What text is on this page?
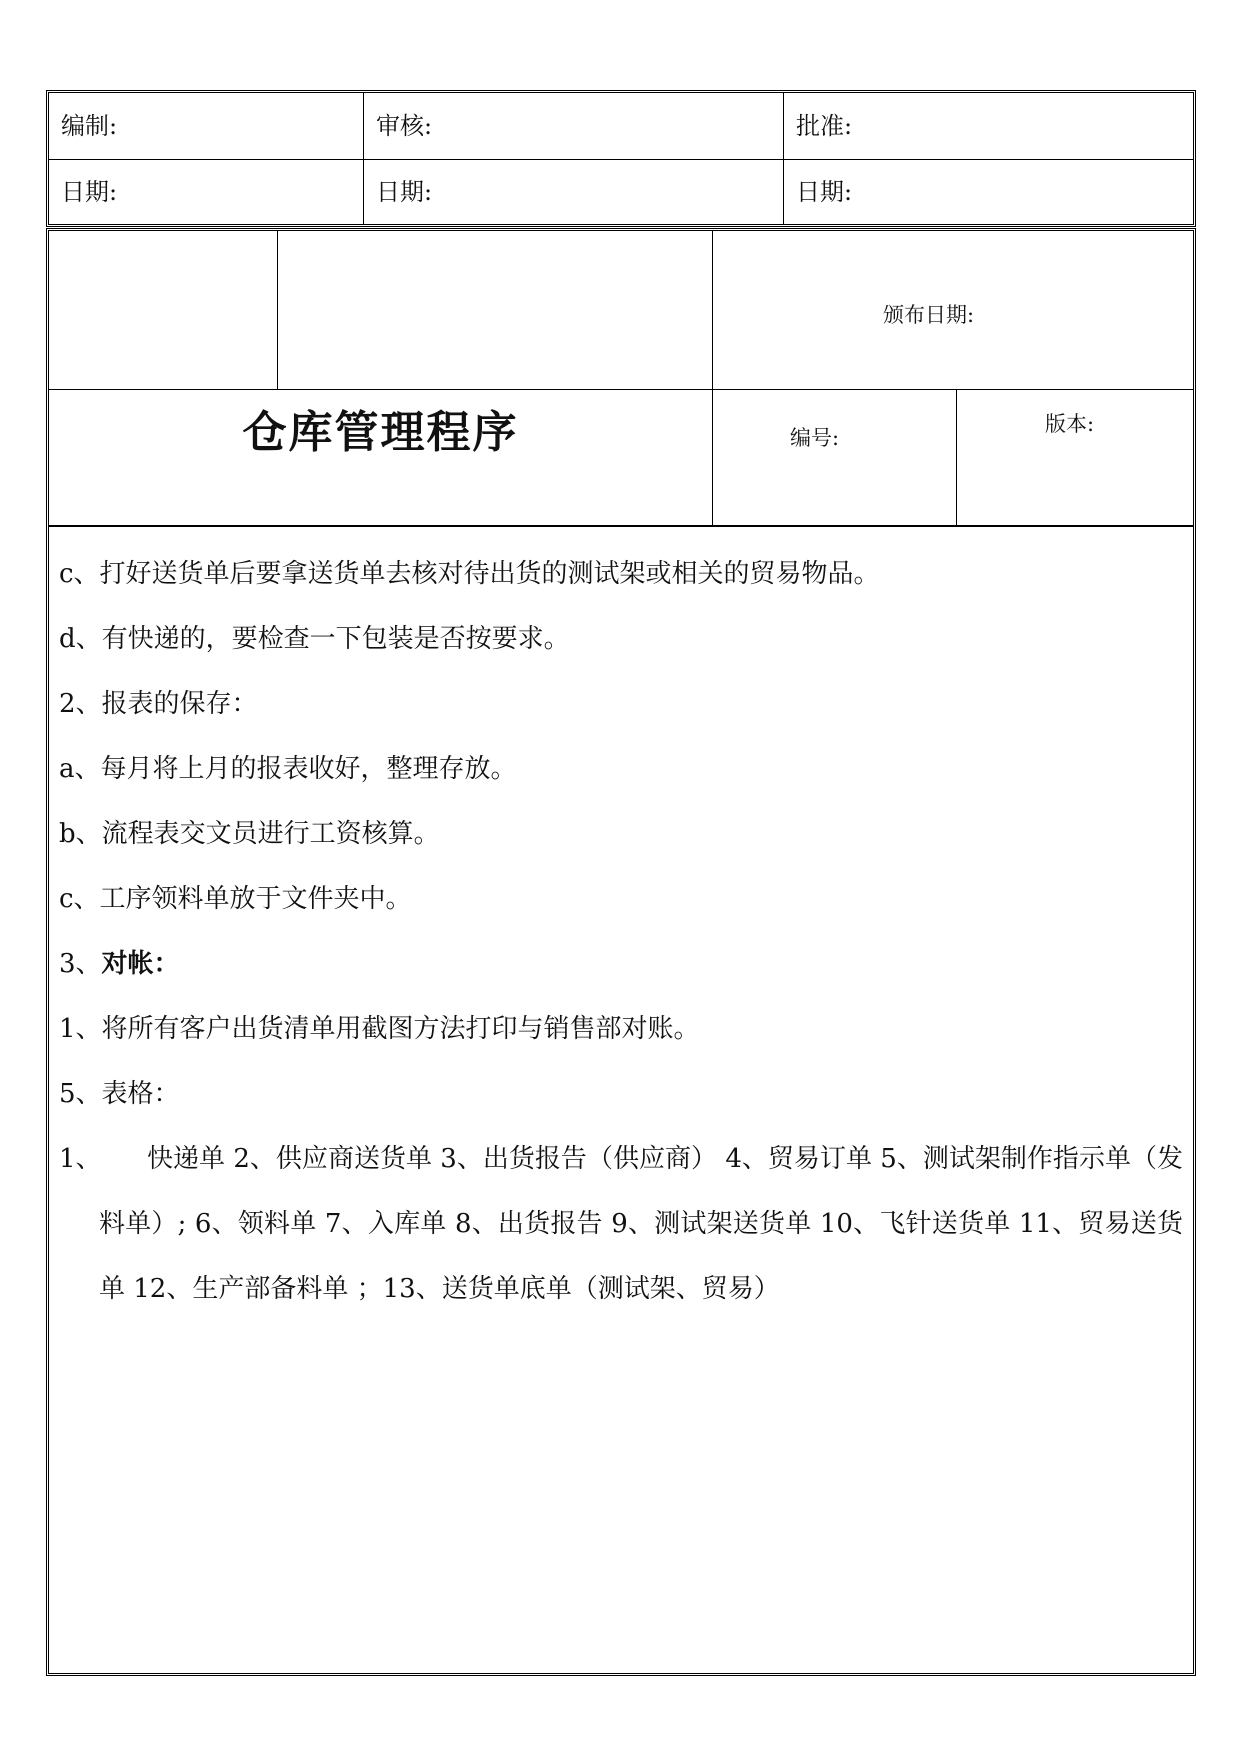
编制:	审核:	批准:
日期:	日期:	日期:
颁布日期:
仓库管理程序	编号:
版本:

c、打好送货单后要拿送货单去核对待出货的测试架或相关的贸易物品。

d、有快递的，要检查一下包装是否按要求。

2、报表的保存：

a、每月将上月的报表收好，整理存放。

b、流程表交文员进行工资核算。

c、工序领料单放于文件夹中。

3、对帐：

1、将所有客户出货清单用截图方法打印与销售部对账。

5、表格：

1、	快递单 2、供应商送货单 3、出货报告（供应商） 4、贸易订单 5、测试架制作指示单（发料单）; 6、领料单 7、入库单 8、出货报告 9、测试架送货单 10、飞针送货单 11、贸易送货单 12、生产部备料单 ；13、送货单底单（测试架、贸易）
